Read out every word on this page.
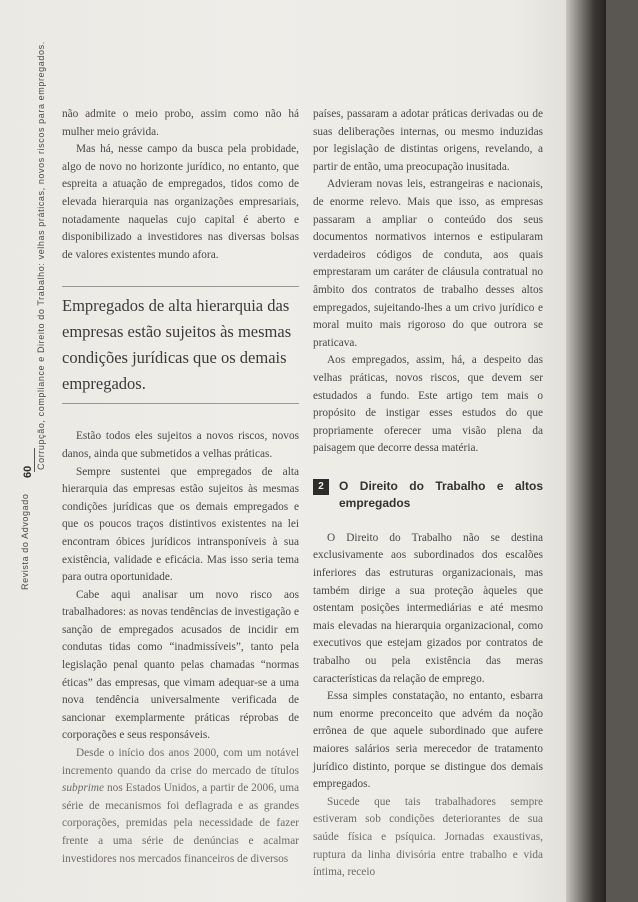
Revista do Advogado
Corrupção, compliance e Direito do Trabalho: velhas práticas, novos riscos para empregados.
60

não admite o meio probo, assim como não há mulher meio grávida.

Mas há, nesse campo da busca pela probidade, algo de novo no horizonte jurídico, no entanto, que espreita a atuação de empregados, tidos como de elevada hierarquia nas organizações empresariais, notadamente naquelas cujo capital é aberto e disponibilizado a investidores nas diversas bolsas de valores existentes mundo afora.

Empregados de alta hierarquia das empresas estão sujeitos às mesmas condições jurídicas que os demais empregados.

Estão todos eles sujeitos a novos riscos, novos danos, ainda que submetidos a velhas práticas.

Sempre sustentei que empregados de alta hierarquia das empresas estão sujeitos às mesmas condições jurídicas que os demais empregados e que os poucos traços distintivos existentes na lei encontram óbices jurídicos intransponíveis à sua existência, validade e eficácia. Mas isso seria tema para outra oportunidade.

Cabe aqui analisar um novo risco aos trabalhadores: as novas tendências de investigação e sanção de empregados acusados de incidir em condutas tidas como “inadmissíveis”, tanto pela legislação penal quanto pelas chamadas “normas éticas” das empresas, que vimam adequar-se a uma nova tendência universalmente verificada de sancionar exemplarmente práticas réprobas de corporações e seus responsáveis.

Desde o início dos anos 2000, com um notável incremento quando da crise do mercado de títulos subprime nos Estados Unidos, a partir de 2006, uma série de mecanismos foi deflagrada e as grandes corporações, premidas pela necessidade de fazer frente a uma série de denúncias e acalmar investidores nos mercados financeiros de diversos

países, passaram a adotar práticas derivadas ou de suas deliberações internas, ou mesmo induzidas por legislação de distintas origens, revelando, a partir de então, uma preocupação inusitada.

Advieram novas leis, estrangeiras e nacionais, de enorme relevo. Mais que isso, as empresas passaram a ampliar o conteúdo dos seus documentos normativos internos e estipularam verdadeiros códigos de conduta, aos quais emprestaram um caráter de cláusula contratual no âmbito dos contratos de trabalho desses altos empregados, sujeitando-lhes a um crivo jurídico e moral muito mais rigoroso do que outrora se praticava.

Aos empregados, assim, há, a despeito das velhas práticas, novos riscos, que devem ser estudados a fundo. Este artigo tem mais o propósito de instigar esses estudos do que propriamente oferecer uma visão plena da paisagem que decorre dessa matéria.

2	O Direito do Trabalho e altos empregados

O Direito do Trabalho não se destina exclusivamente aos subordinados dos escalões inferiores das estruturas organizacionais, mas também dirige a sua proteção àqueles que ostentam posições intermediárias e até mesmo mais elevadas na hierarquia organizacional, como executivos que estejam gizados por contratos de trabalho ou pela existência das meras características da relação de emprego.

Essa simples constatação, no entanto, esbarra num enorme preconceito que advém da noção errônea de que aquele subordinado que aufere maiores salários seria merecedor de tratamento jurídico distinto, porque se distingue dos demais empregados.

Sucede que tais trabalhadores sempre estiveram sob condições deteriorantes de sua saúde física e psíquica. Jornadas exaustivas, ruptura da linha divisória entre trabalho e vida íntima, receio
